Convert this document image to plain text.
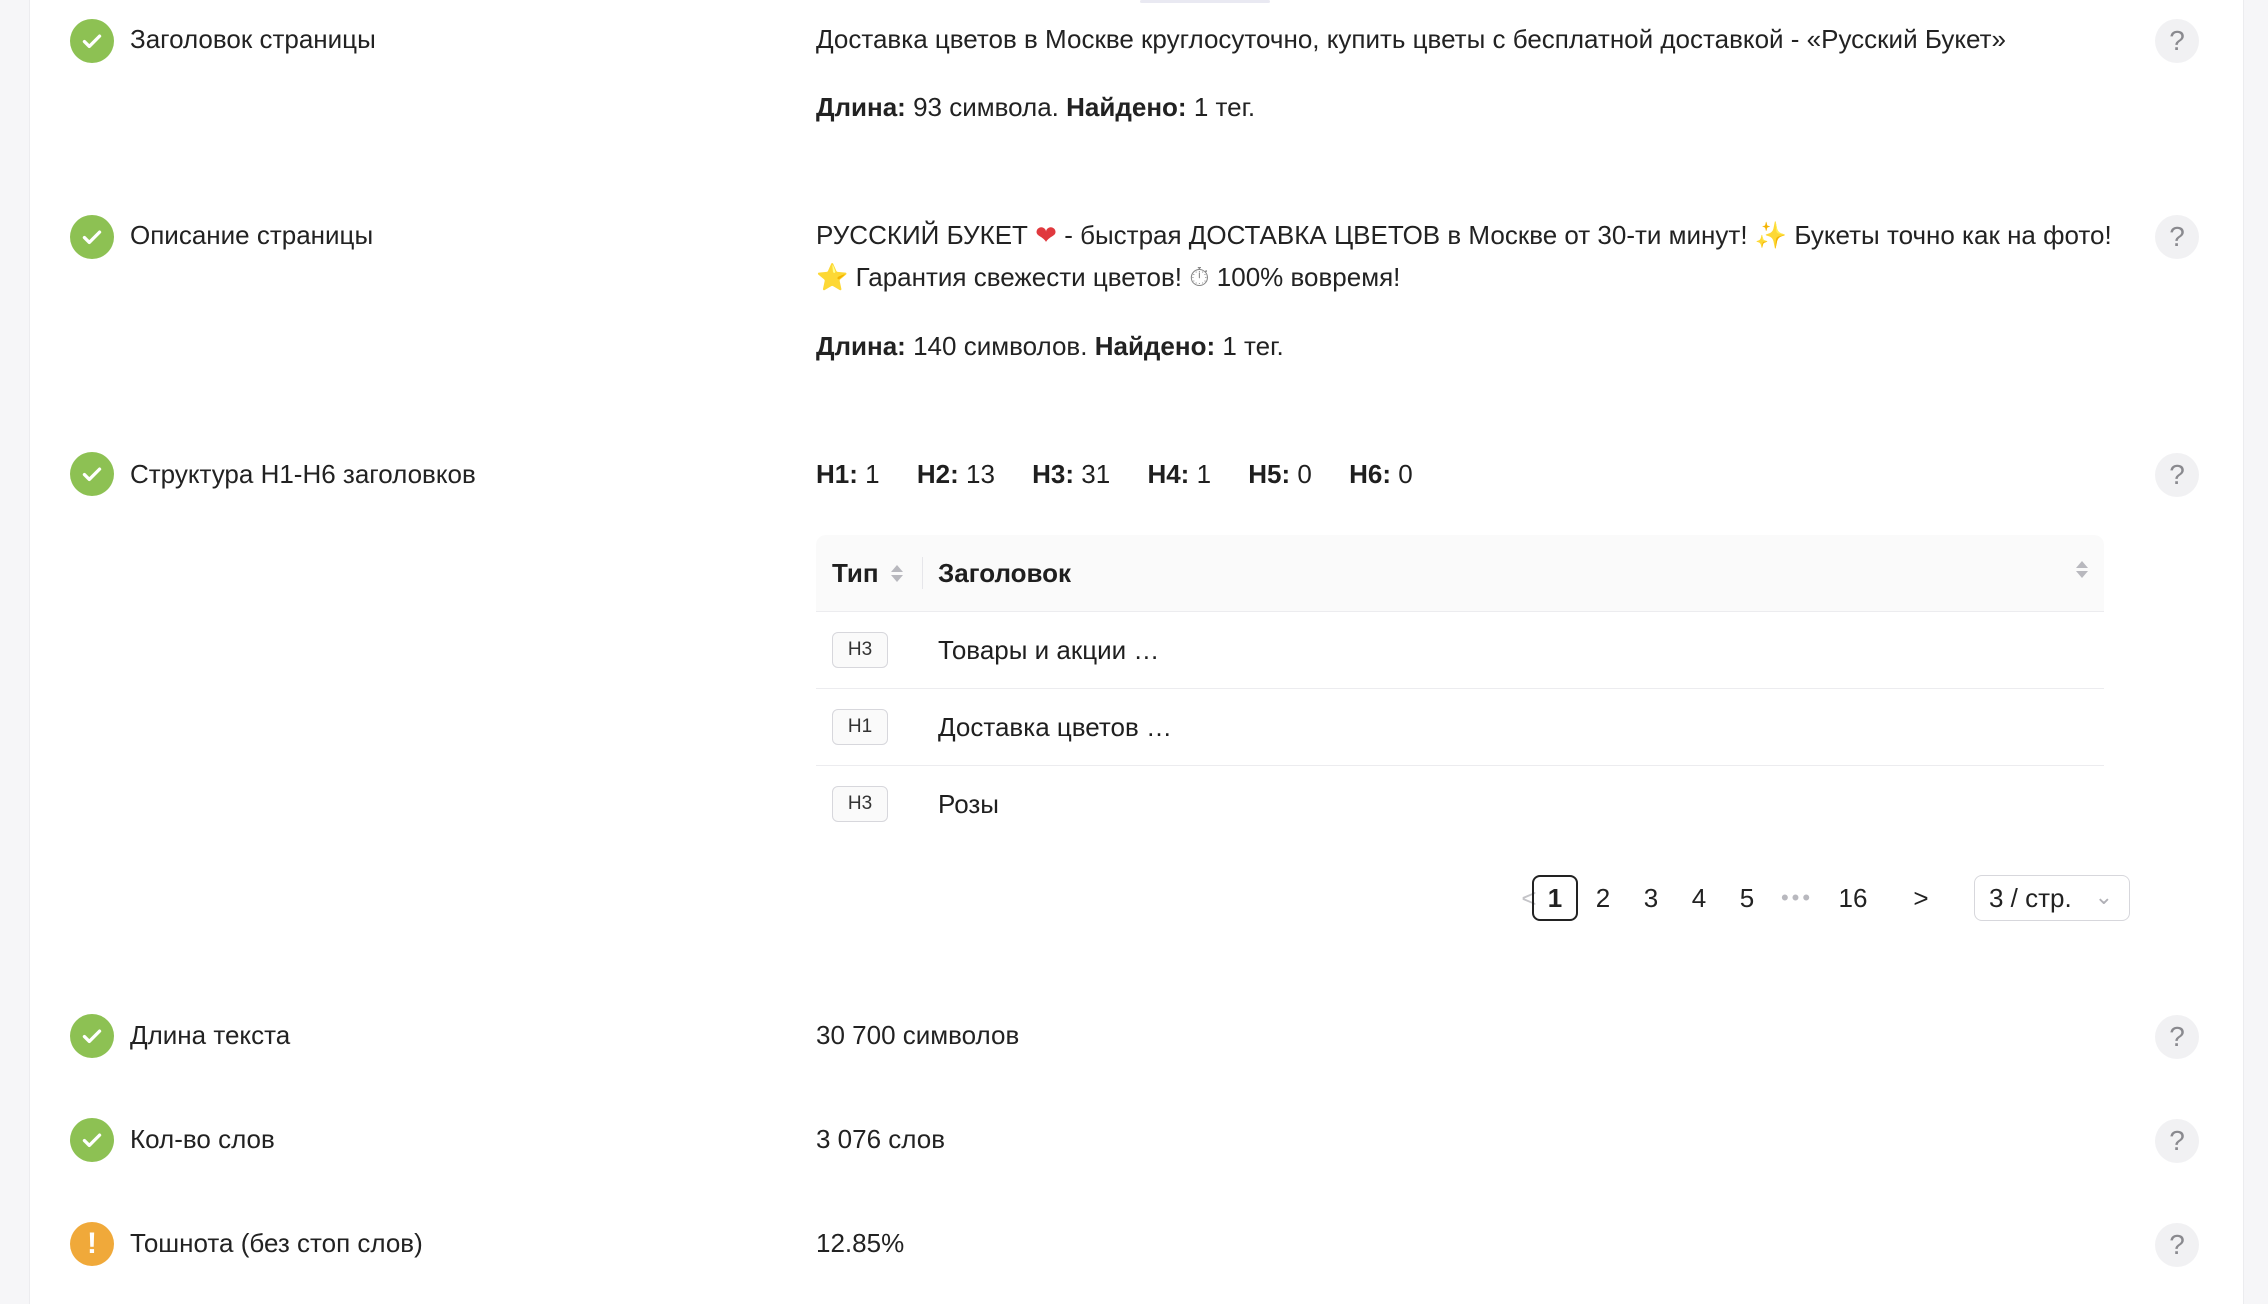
Заголовок страницы	Доставка цветов в Москве круглосуточно, купить цветы с бесплатной доставкой - «Русский Букет»
Длина: 93 символа. Найдено: 1 тег.
?
Описание страницы	РУССКИЙ БУКЕТ ❤ - быстрая ДОСТАВКА ЦВЕТОВ в Москве от 30-ти минут! ✨ Букеты точно как на фото! ⭐ Гарантия свежести цветов! ⏱ 100% вовремя!
Длина: 140 символов. Найдено: 1 тег.
?
Структура H1-H6 заголовков	H1: 1 H2: 13 H3: 31 H4: 1 H5: 0 H6: 0	?
Тип Заголовок
H3	Товары и акции …
H1	Доставка цветов …
H3	Розы
< 1	2	3	4	5	••• 16	>	3 / стр. ⌄
Длина текста	30 700 символов	?
Кол-во слов	3 076 слов	?
! Тошнота (без стоп слов)	12.85%	?
